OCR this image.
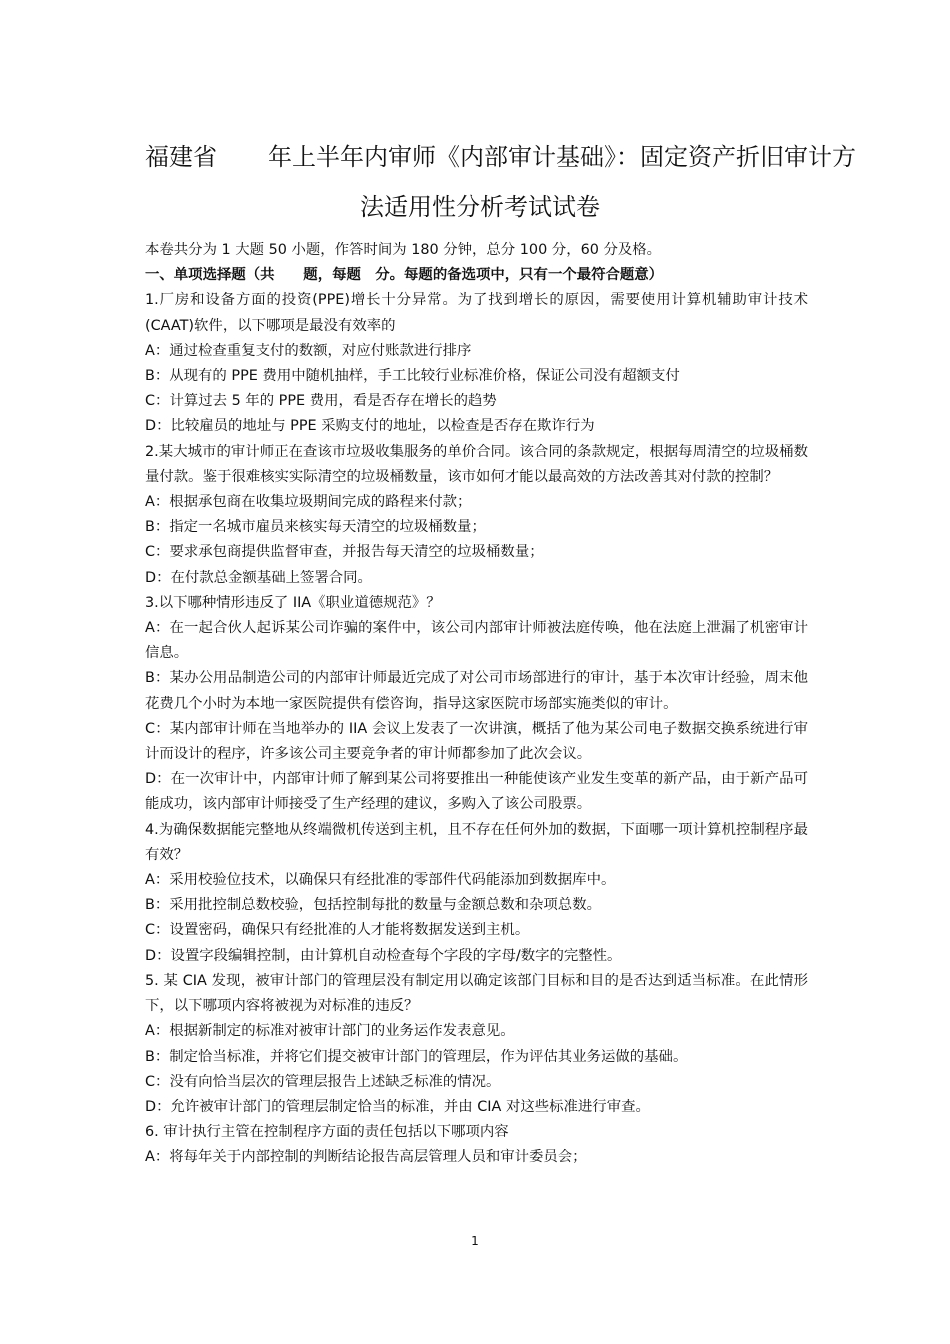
福建省 年上半年内审师《内部审计基础》：固定资产折旧审计方
法适用性分析考试试卷

本卷共分为 1 大题 50 小题，作答时间为 180 分钟，总分 100 分，60 分及格。

一、单项选择题（共　　题，每题　分。每题的备选项中，只有一个最符合题意）

1.厂房和设备方面的投资(PPE)增长十分异常。为了找到增长的原因，需要使用计算机辅助审计技术(CAAT)软件，以下哪项是最没有效率的

A：通过检查重复支付的数额，对应付账款进行排序

B：从现有的 PPE 费用中随机抽样，手工比较行业标准价格，保证公司没有超额支付

C：计算过去 5 年的 PPE 费用，看是否存在增长的趋势

D：比较雇员的地址与 PPE 采购支付的地址，以检查是否存在欺诈行为

2.某大城市的审计师正在查该市垃圾收集服务的单价合同。该合同的条款规定，根据每周清空的垃圾桶数量付款。鉴于很难核实实际清空的垃圾桶数量，该市如何才能以最高效的方法改善其对付款的控制？

A：根据承包商在收集垃圾期间完成的路程来付款；

B：指定一名城市雇员来核实每天清空的垃圾桶数量；

C：要求承包商提供监督审查，并报告每天清空的垃圾桶数量；

D：在付款总金额基础上签署合同。

3.以下哪种情形违反了 IIA《职业道德规范》？

A：在一起合伙人起诉某公司诈骗的案件中，该公司内部审计师被法庭传唤，他在法庭上泄漏了机密审计信息。

B：某办公用品制造公司的内部审计师最近完成了对公司市场部进行的审计，基于本次审计经验，周末他花费几个小时为本地一家医院提供有偿咨询，指导这家医院市场部实施类似的审计。

C：某内部审计师在当地举办的 IIA 会议上发表了一次讲演，概括了他为某公司电子数据交换系统进行审计而设计的程序，许多该公司主要竞争者的审计师都参加了此次会议。

D：在一次审计中，内部审计师了解到某公司将要推出一种能使该产业发生变革的新产品，由于新产品可能成功，该内部审计师接受了生产经理的建议，多购入了该公司股票。

4.为确保数据能完整地从终端微机传送到主机，且不存在任何外加的数据，下面哪一项计算机控制程序最有效？

A：采用校验位技术，以确保只有经批准的零部件代码能添加到数据库中。

B：采用批控制总数校验，包括控制每批的数量与金额总数和杂项总数。

C：设置密码，确保只有经批准的人才能将数据发送到主机。

D：设置字段编辑控制，由计算机自动检查每个字段的字母/数字的完整性。

5. 某 CIA 发现，被审计部门的管理层没有制定用以确定该部门目标和目的是否达到适当标准。在此情形下，以下哪项内容将被视为对标准的违反？

A：根据新制定的标准对被审计部门的业务运作发表意见。

B：制定恰当标准，并将它们提交被审计部门的管理层，作为评估其业务运做的基础。

C：没有向恰当层次的管理层报告上述缺乏标准的情况。

D：允许被审计部门的管理层制定恰当的标准，并由 CIA 对这些标准进行审查。

6. 审计执行主管在控制程序方面的责任包括以下哪项内容

A：将每年关于内部控制的判断结论报告高层管理人员和审计委员会；

1
